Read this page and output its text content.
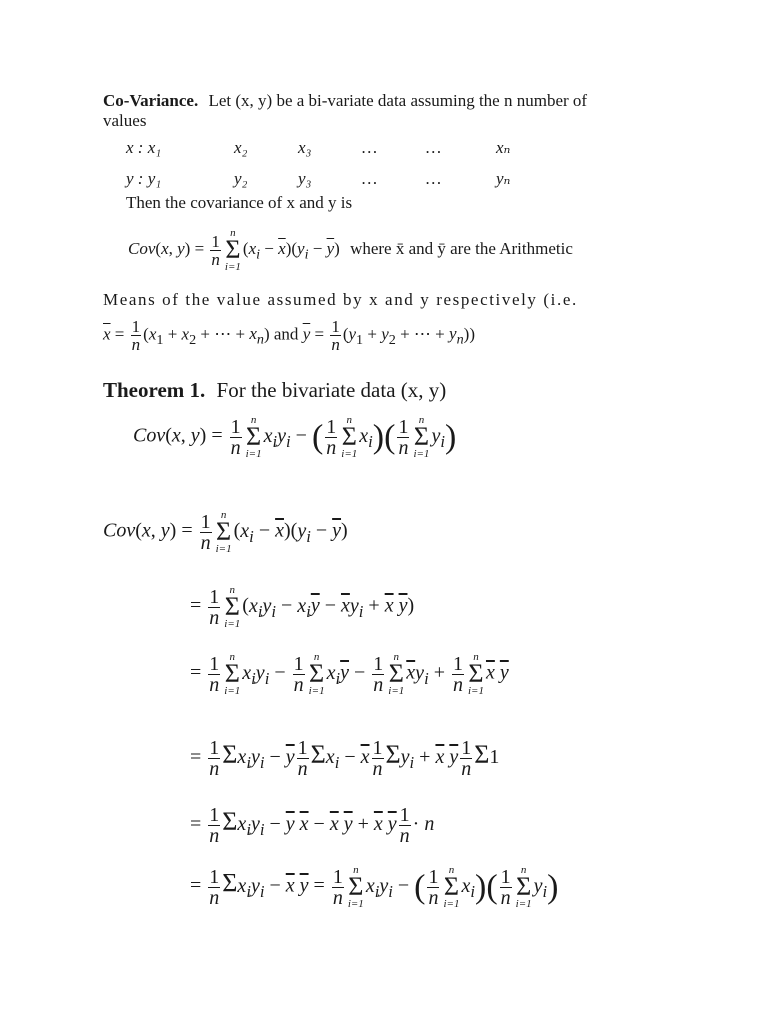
Co-Variance. Let (x, y) be a bi-variate data assuming the n number of
values
x : x₁	x₂	x₃	…	…	xₙ
y : y₁	y₂	y₃	…	…	yₙ
Then the covariance of x and y is
Cov(x, $y) = \frac{1}{n}$ n
Σ
i=1
$(x_i - \overline{x})(y_i - \overline{y})$ where x̄ and ȳ are the Arithmetic
Means of the value assumed by x and y respectively (i.e.
$\overline{x} = \frac{1}{n} (x_1 + x_2$ + ⋯ + $x_n$) and $\overline{y} = \frac{1}{n} (y_1 + y_2$ + ⋯ + $y_n$))
Theorem 1. For the bivariate data (x, y)
Cov(x, $y) = \frac{1}{n}$ n
Σ
i=1
$x_iy_i$ − ( $\frac{1}{n}$ n
Σ
i=1
$x_i)( \frac{1}{n}$ n
Σ
i=1
$y_i$)
Cov(x, $y) = \frac{1}{n}$ n
Σ
i=1
$(x_i - \overline{x})(y_i - \overline{y})$
= $\frac{1}{n}$ n
Σ
i=1
($x_iy_i - x_i\overline{y} - \overline{x}y_i + \overline{x}$ $\overline{y}$)
= $\frac{1}{n}$ n
Σ
i=1
$x_iy_i - \frac{1}{n}$ n
Σ
i=1
$x_i\overline{y} - \frac{1}{n}$ n
Σ
i=1
$\overline{x}y_i + \frac{1}{n}$ n
Σ
i=1
$\overline{x}$ $\overline{y}$
= $\frac{1}{n} \Sigma x_iy_i - \overline{y} \frac{1}{n} \Sigma x_i - \overline{x} \frac{1}{n} \Sigma y_i + \overline{x}$ $\overline{y} \frac{1}{n} \Sigma 1$
= $\frac{1}{n} \Sigma x_iy_i - \overline{y}$ $\overline{x} - \overline{x}$ $\overline{y} + \overline{x}$ $\overline{y} \frac{1}{n} \cdot n$
= $\frac{1}{n} \Sigma x_iy_i - \overline{x}$ $\overline{y} = \frac{1}{n}$ n
Σ
i=1
$x_iy_i$ − ( $\frac{1}{n}$ n
Σ
i=1
$x_i)( \frac{1}{n}$ n
Σ
i=1
$y_i$)
